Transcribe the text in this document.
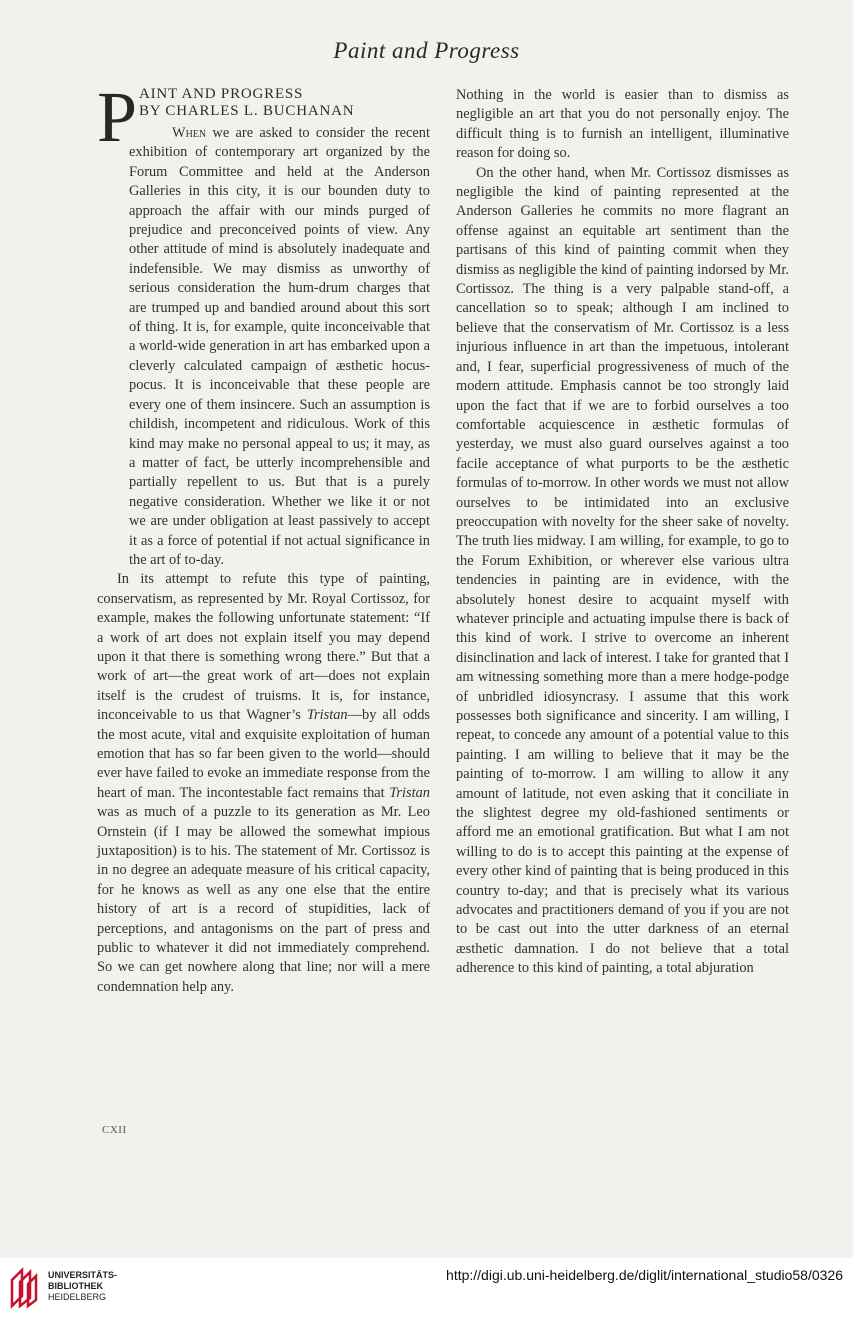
Paint and Progress
P AINT AND PROGRESS
BY CHARLES L. BUCHANAN

When we are asked to consider the recent exhibition of contemporary art organized by the Forum Committee and held at the Anderson Galleries in this city, it is our bounden duty to approach the affair with our minds purged of prejudice and preconceived points of view. Any other attitude of mind is absolutely inadequate and indefensible. We may dismiss as unworthy of serious consideration the hum-drum charges that are trumped up and bandied around about this sort of thing. It is, for example, quite inconceivable that a world-wide generation in art has embarked upon a cleverly calculated campaign of æsthetic hocus-pocus. It is inconceivable that these people are every one of them insincere. Such an assumption is childish, incompetent and ridiculous. Work of this kind may make no personal appeal to us; it may, as a matter of fact, be utterly incomprehensible and partially repellent to us. But that is a purely negative consideration. Whether we like it or not we are under obligation at least passively to accept it as a force of potential if not actual significance in the art of to-day.

In its attempt to refute this type of painting, conservatism, as represented by Mr. Royal Cortissoz, for example, makes the following unfortunate statement: “If a work of art does not explain itself you may depend upon it that there is something wrong there.” But that a work of art—the great work of art—does not explain itself is the crudest of truisms. It is, for instance, inconceivable to us that Wagner’s Tristan—by all odds the most acute, vital and exquisite exploitation of human emotion that has so far been given to the world—should ever have failed to evoke an immediate response from the heart of man. The incontestable fact remains that Tristan was as much of a puzzle to its generation as Mr. Leo Ornstein (if I may be allowed the somewhat impious juxtaposition) is to his. The statement of Mr. Cortissoz is in no degree an adequate measure of his critical capacity, for he knows as well as any one else that the entire history of art is a record of stupidities, lack of perceptions, and antagonisms on the part of press and public to whatever it did not immediately comprehend. So we can get nowhere along that line; nor will a mere condemnation help any.

Nothing in the world is easier than to dismiss as negligible an art that you do not personally enjoy. The difficult thing is to furnish an intelligent, illuminative reason for doing so.

On the other hand, when Mr. Cortissoz dismisses as negligible the kind of painting represented at the Anderson Galleries he commits no more flagrant an offense against an equitable art sentiment than the partisans of this kind of painting commit when they dismiss as negligible the kind of painting indorsed by Mr. Cortissoz. The thing is a very palpable stand-off, a cancellation so to speak; although I am inclined to believe that the conservatism of Mr. Cortissoz is a less injurious influence in art than the impetuous, intolerant and, I fear, superficial progressiveness of much of the modern attitude. Emphasis cannot be too strongly laid upon the fact that if we are to forbid ourselves a too comfortable acquiescence in æsthetic formulas of yesterday, we must also guard ourselves against a too facile acceptance of what purports to be the æsthetic formulas of to-morrow. In other words we must not allow ourselves to be intimidated into an exclusive preoccupation with novelty for the sheer sake of novelty. The truth lies midway. I am willing, for example, to go to the Forum Exhibition, or wherever else various ultra tendencies in painting are in evidence, with the absolutely honest desire to acquaint myself with whatever principle and actuating impulse there is back of this kind of work. I strive to overcome an inherent disinclination and lack of interest. I take for granted that I am witnessing something more than a mere hodge-podge of unbridled idiosyncrasy. I assume that this work possesses both significance and sincerity. I am willing, I repeat, to concede any amount of a potential value to this painting. I am willing to believe that it may be the painting of to-morrow. I am willing to allow it any amount of latitude, not even asking that it conciliate in the slightest degree my old-fashioned sentiments or afford me an emotional gratification. But what I am not willing to do is to accept this painting at the expense of every other kind of painting that is being produced in this country to-day; and that is precisely what its various advocates and practitioners demand of you if you are not to be cast out into the utter darkness of an eternal æsthetic damnation. I do not believe that a total adherence to this kind of painting, a total abjuration

CXII
UNIVERSITÄTS-
BIBLIOTHEK
HEIDELBERG
http://digi.ub.uni-heidelberg.de/diglit/international_studio58/0326
